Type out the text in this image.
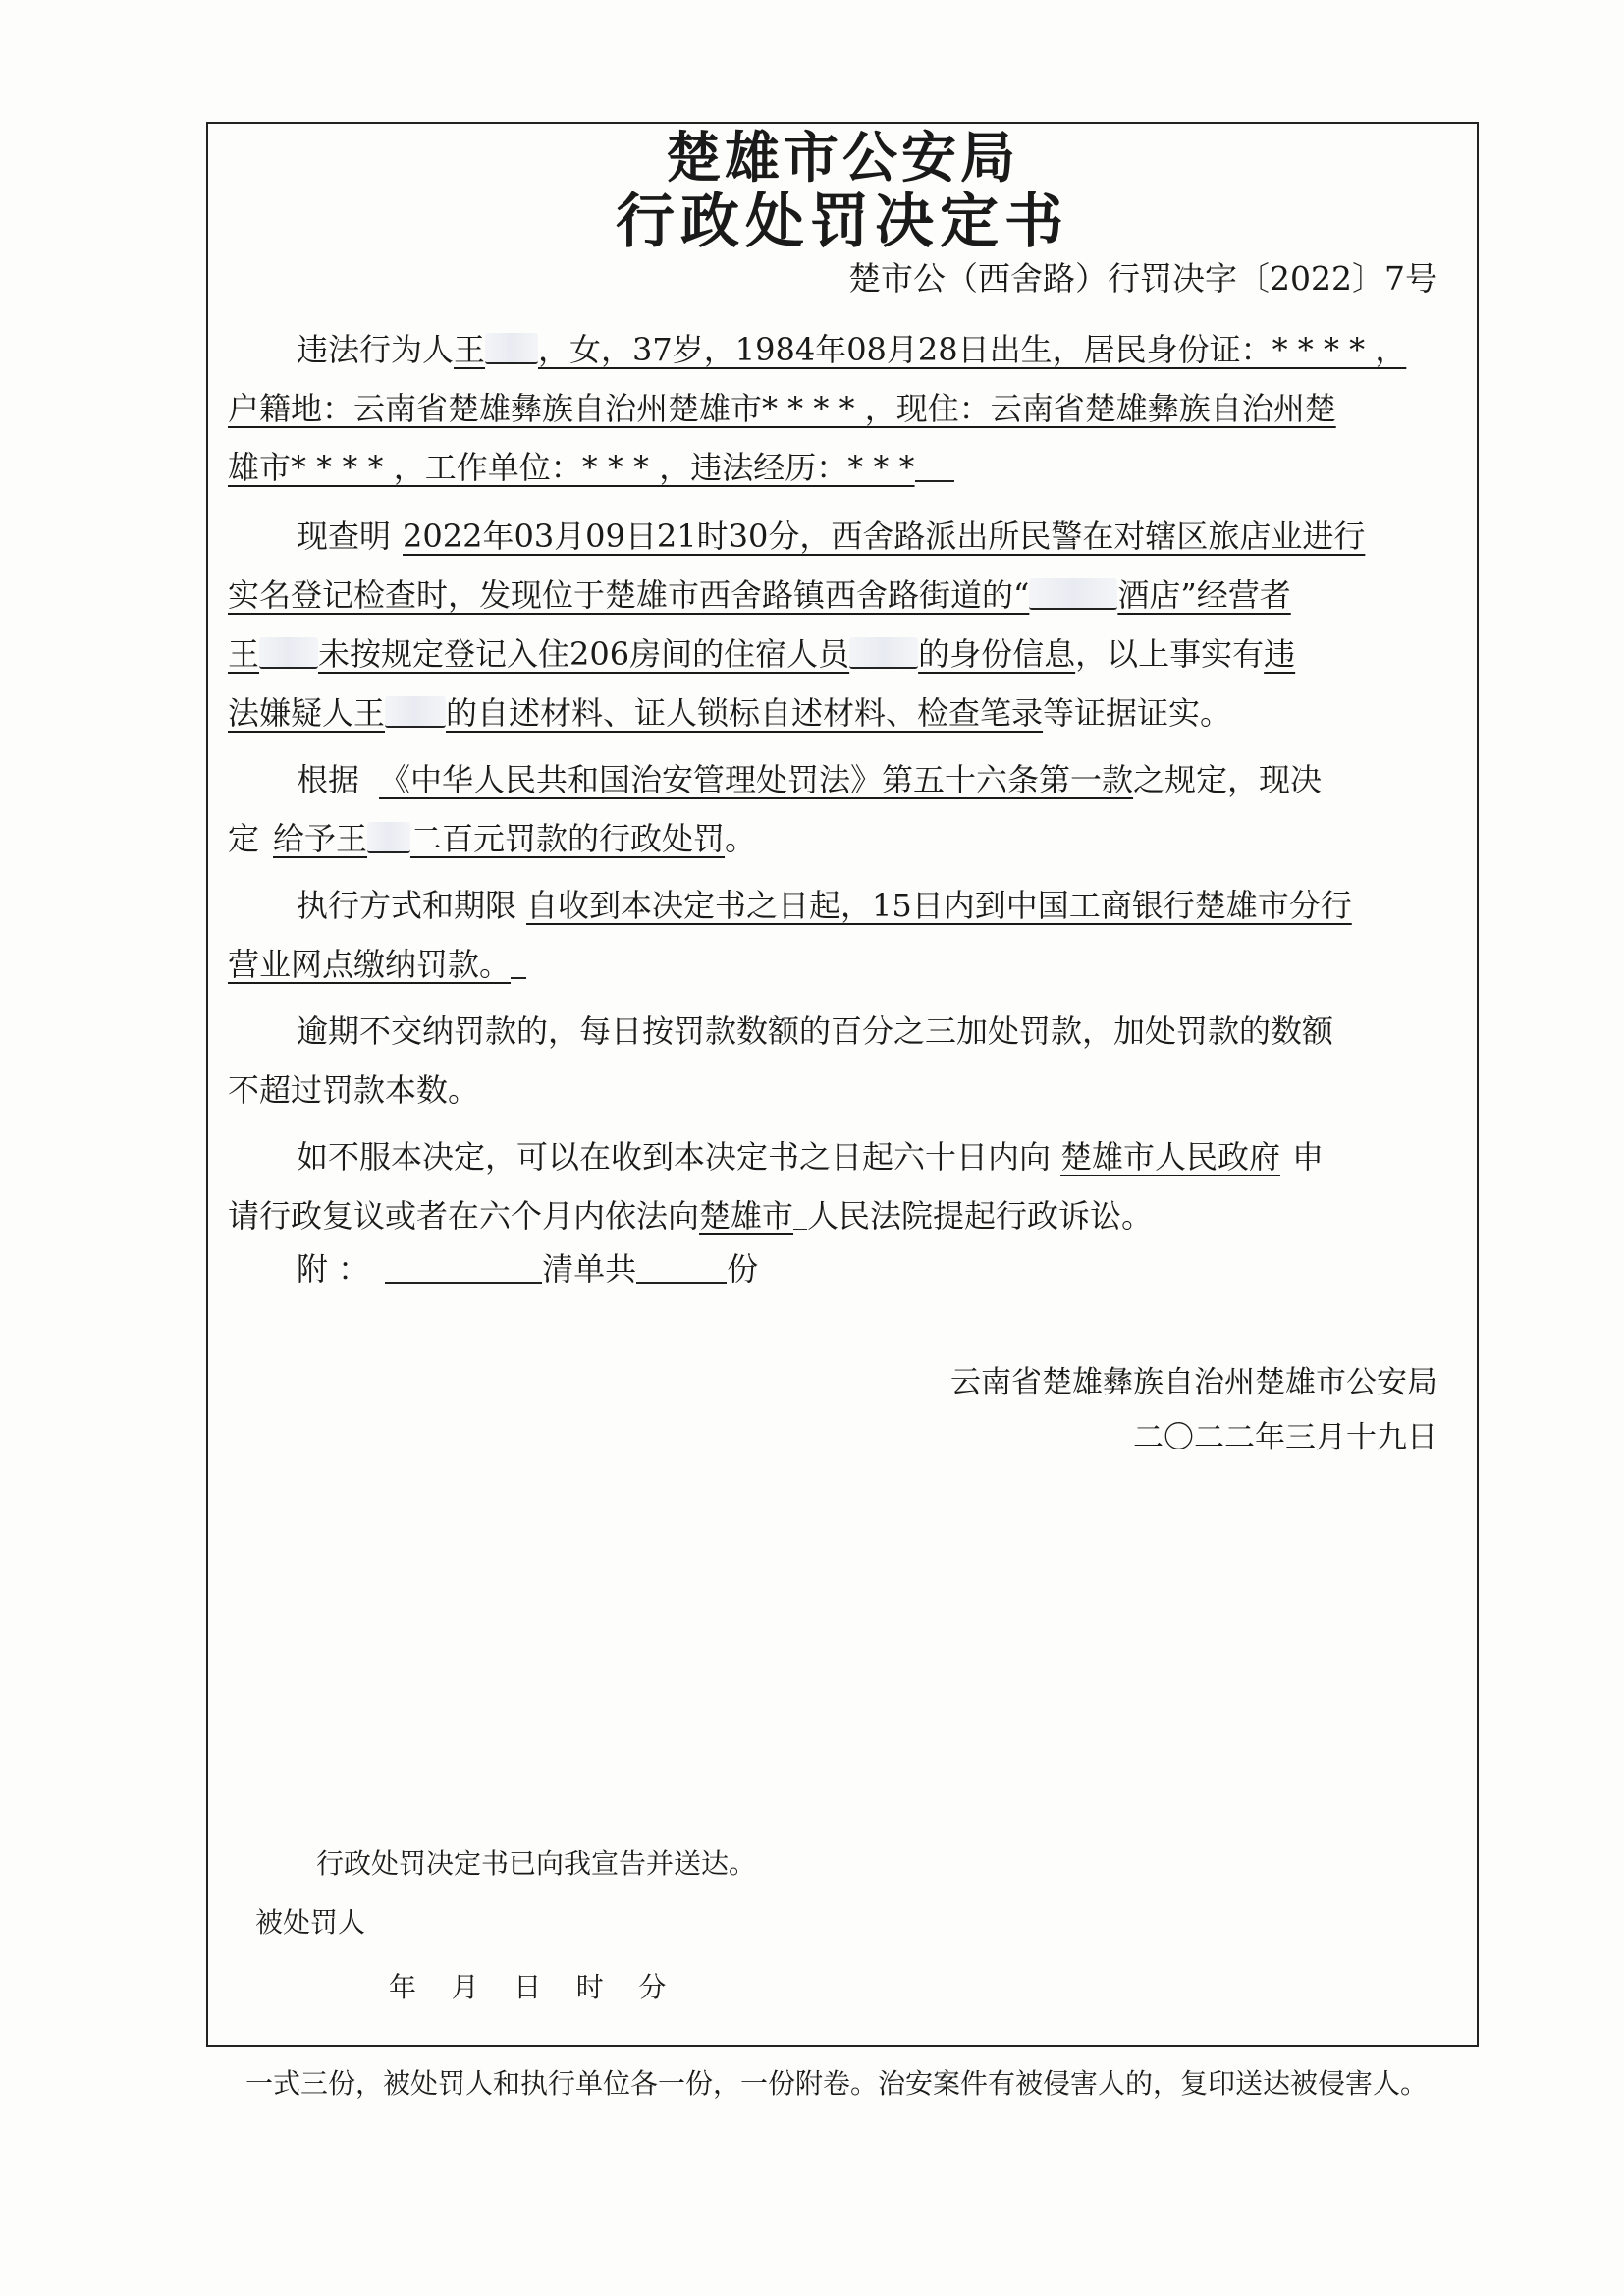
楚雄市公安局
行政处罚决定书
楚市公（西舍路）行罚决字〔2022〕7号
违法行为人王 ，女，37岁，1984年08月28日出生，居民身份证：* * * * ，
户籍地：云南省楚雄彝族自治州楚雄市* * * * ，现住：云南省楚雄彝族自治州楚
雄市* * * * ，工作单位：* * * ，违法经历：* * *
现查明 2022年03月09日21时30分，西舍路派出所民警在对辖区旅店业进行
实名登记检查时，发现位于楚雄市西舍路镇西舍路街道的“	酒店”经营者
王 未按规定登记入住206房间的住宿人员 的身份信息，以上事实有违
法嫌疑人王 的自述材料、证人锁标自述材料、检查笔录等证据证实。
根据 《中华人民共和国治安管理处罚法》第五十六条第一款之规定，现决
定 给予王 二百元罚款的行政处罚。
执行方式和期限 自收到本决定书之日起，15日内到中国工商银行楚雄市分行
营业网点缴纳罚款。
逾期不交纳罚款的，每日按罚款数额的百分之三加处罚款，加处罚款的数额
不超过罚款本数。
如不服本决定，可以在收到本决定书之日起六十日内向 楚雄市人民政府 申
请行政复议或者在六个月内依法向楚雄市 人民法院提起行政诉讼。
附 ：	清单共	份
云南省楚雄彝族自治州楚雄市公安局
二〇二二年三月十九日
行政处罚决定书已向我宣告并送达。
被处罚人
年    月    日    时    分
一式三份，被处罚人和执行单位各一份，一份附卷。治安案件有被侵害人的，复印送达被侵害人。
